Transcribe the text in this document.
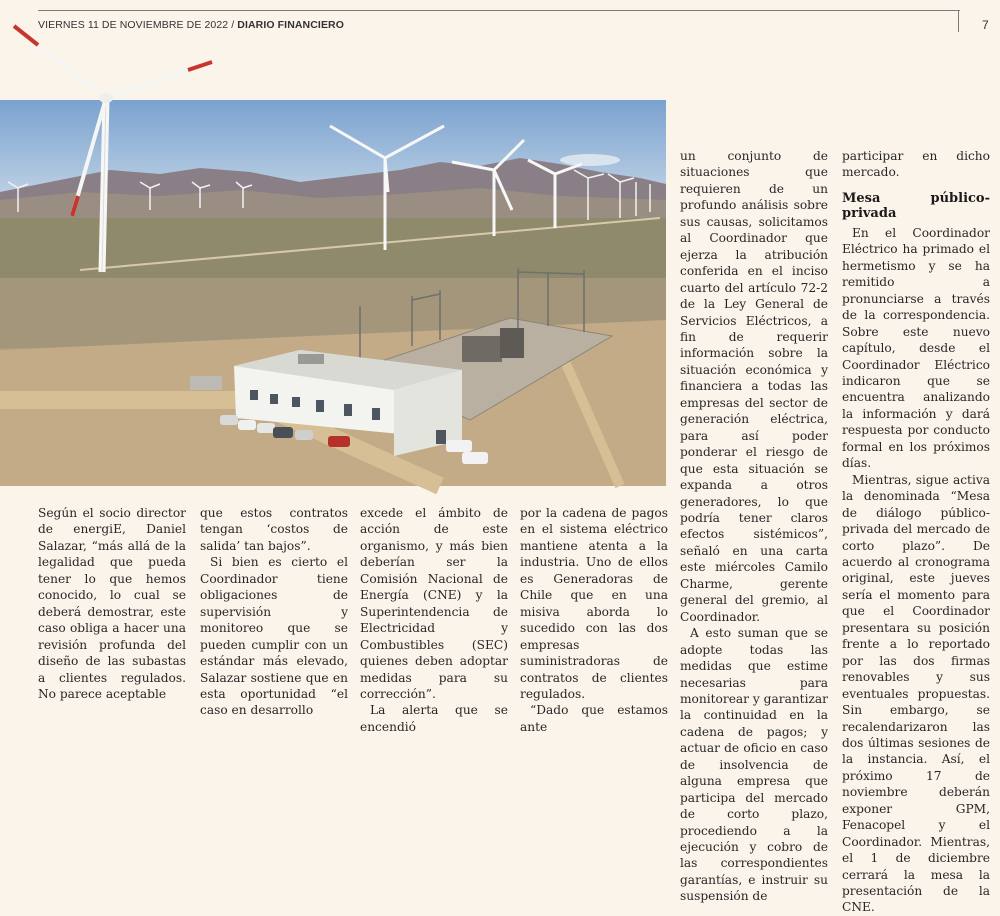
VIERNES 11 DE NOVIEMBRE DE 2022 / DIARIO FINANCIERO	7

Según el socio director de energiE, Daniel Salazar, “más allá de la legalidad que pueda tener lo que hemos conocido, lo cual se deberá demostrar, este caso obliga a hacer una revisión profunda del diseño de las subastas a clientes regulados. No parece aceptable

que estos contratos tengan ‘costos de salida’ tan bajos”.

Si bien es cierto el Coordinador tiene obligaciones de supervisión y monitoreo que se pueden cumplir con un estándar más elevado, Salazar sostiene que en esta oportunidad “el caso en desarrollo

excede el ámbito de acción de este organismo, y más bien deberían ser la Comisión Nacional de Energía (CNE) y la Superintendencia de Electricidad y Combustibles (SEC) quienes deben adoptar medidas para su corrección”.

La alerta que se encendió

por la cadena de pagos en el sistema eléctrico mantiene atenta a la industria. Uno de ellos es Generadoras de Chile que en una misiva aborda lo sucedido con las dos empresas suministradoras de contratos de clientes regulados.

“Dado que estamos ante

un conjunto de situaciones que requieren de un profundo análisis sobre sus causas, solicitamos al Coordinador que ejerza la atribución conferida en el inciso cuarto del artículo 72-2 de la Ley General de Servicios Eléctricos, a fin de requerir información sobre la situación económica y financiera a todas las empresas del sector de generación eléctrica, para así poder ponderar el riesgo de que esta situación se expanda a otros generadores, lo que podría tener claros efectos sistémicos”, señaló en una carta este miércoles Camilo Charme, gerente general del gremio, al Coordinador.

A esto suman que se adopte todas las medidas que estime necesarias para monitorear y garantizar la continuidad en la cadena de pagos; y actuar de oficio en caso de insolvencia de alguna empresa que participa del mercado de corto plazo, procediendo a la ejecución y cobro de las correspondientes garantías, e instruir su suspensión de

participar en dicho mercado.

Mesa público-privada

En el Coordinador Eléctrico ha primado el hermetismo y se ha remitido a pronunciarse a través de la correspondencia. Sobre este nuevo capítulo, desde el Coordinador Eléctrico indicaron que se encuentra analizando la información y dará respuesta por conducto formal en los próximos días.

Mientras, sigue activa la denominada “Mesa de diálogo público-privada del mercado de corto plazo”. De acuerdo al cronograma original, este jueves sería el momento para que el Coordinador presentara su posición frente a lo reportado por las dos firmas renovables y sus eventuales propuestas. Sin embargo, se recalendarizaron las dos últimas sesiones de la instancia. Así, el próximo 17 de noviembre deberán exponer GPM, Fenacopel y el Coordinador. Mientras, el 1 de diciembre cerrará la mesa la presentación de la CNE.
